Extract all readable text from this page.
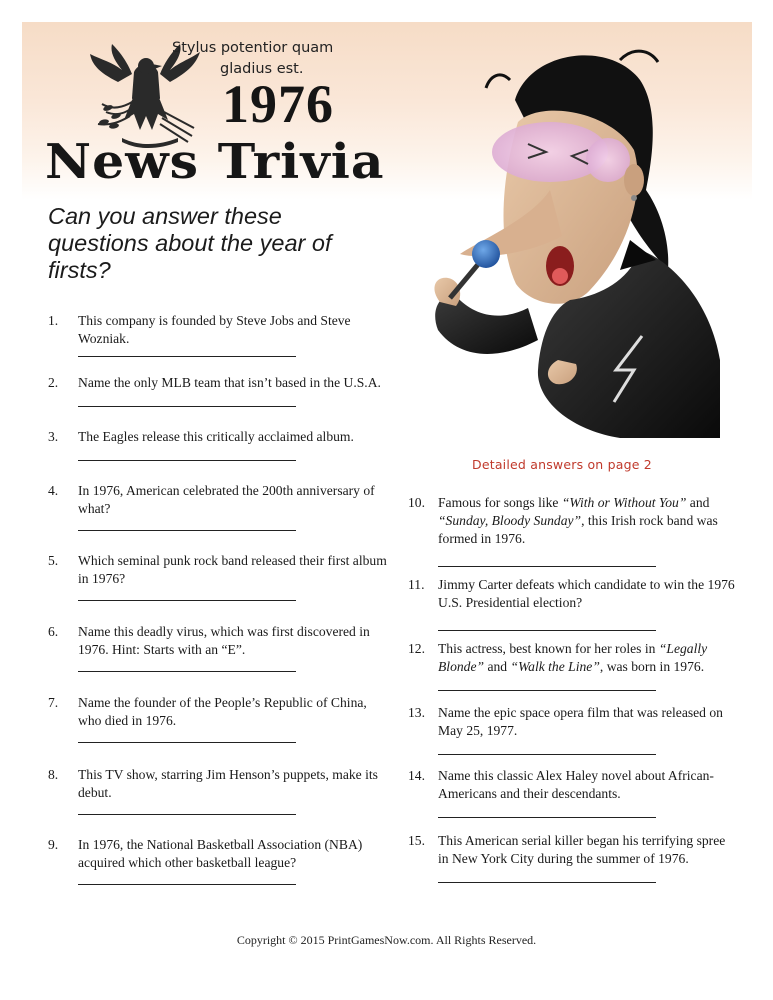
Stylus potentior quam
gladius est.
1976
News Trivia
Can you answer these questions about the year of firsts?
Detailed answers on page 2
1.	This company is founded by Steve Jobs and Steve Wozniak.
2.	Name the only MLB team that isn’t based in the U.S.A.
3.	The Eagles release this critically acclaimed album.
4.	In 1976, American celebrated the 200th anniversary of what?
5.	Which seminal punk rock band released their first album in 1976?
6.	Name this deadly virus, which was first discovered in 1976. Hint: Starts with an “E”.
7.	Name the founder of the People’s Republic of China, who died in 1976.
8.	This TV show, starring Jim Henson’s puppets, make its debut.
9.	In 1976, the National Basketball Association (NBA) acquired which other basketball league?
10. Famous for songs like “With or Without You” and “Sunday, Bloody Sunday”, this Irish rock band was formed in 1976.
11. Jimmy Carter defeats which candidate to win the 1976 U.S. Presidential election?
12. This actress, best known for her roles in “Legally Blonde” and “Walk the Line”, was born in 1976.
13. Name the epic space opera film that was released on May 25, 1977.
14. Name this classic Alex Haley novel about African-Americans and their descendants.
15. This American serial killer began his terrifying spree in New York City during the summer of 1976.
Copyright © 2015 PrintGamesNow.com. All Rights Reserved.
